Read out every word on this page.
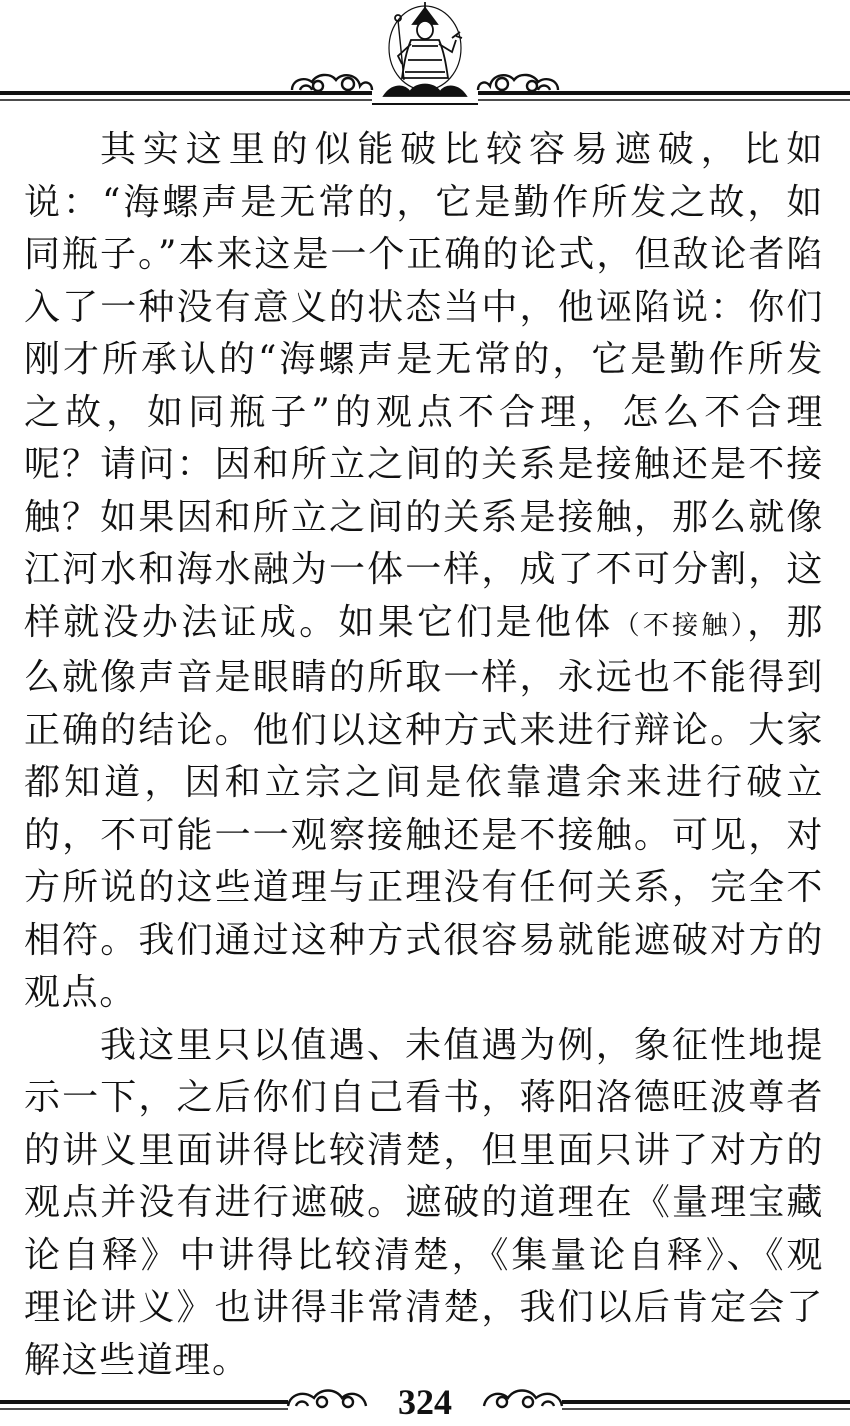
其实这里的似能破比较容易遮破，比如说：“海螺声是无常的，它是勤作所发之故，如同瓶子。”本来这是一个正确的论式，但敌论者陷入了一种没有意义的状态当中，他诬陷说：你们刚才所承认的“海螺声是无常的，它是勤作所发之故，如同瓶子”的观点不合理，怎么不合理呢？请问：因和所立之间的关系是接触还是不接触？如果因和所立之间的关系是接触，那么就像江河水和海水融为一体一样，成了不可分割，这样就没办法证成。如果它们是他体（不接触），那么就像声音是眼睛的所取一样，永远也不能得到正确的结论。他们以这种方式来进行辩论。大家都知道，因和立宗之间是依靠遣余来进行破立的，不可能一一观察接触还是不接触。可见，对方所说的这些道理与正理没有任何关系，完全不相符。我们通过这种方式很容易就能遮破对方的观点。

我这里只以值遇、未值遇为例，象征性地提示一下，之后你们自己看书，蒋阳洛德旺波尊者的讲义里面讲得比较清楚，但里面只讲了对方的观点并没有进行遮破。遮破的道理在《量理宝藏论自释》中讲得比较清楚，《集量论自释》、《观理论讲义》也讲得非常清楚，我们以后肯定会了解这些道理。

324
